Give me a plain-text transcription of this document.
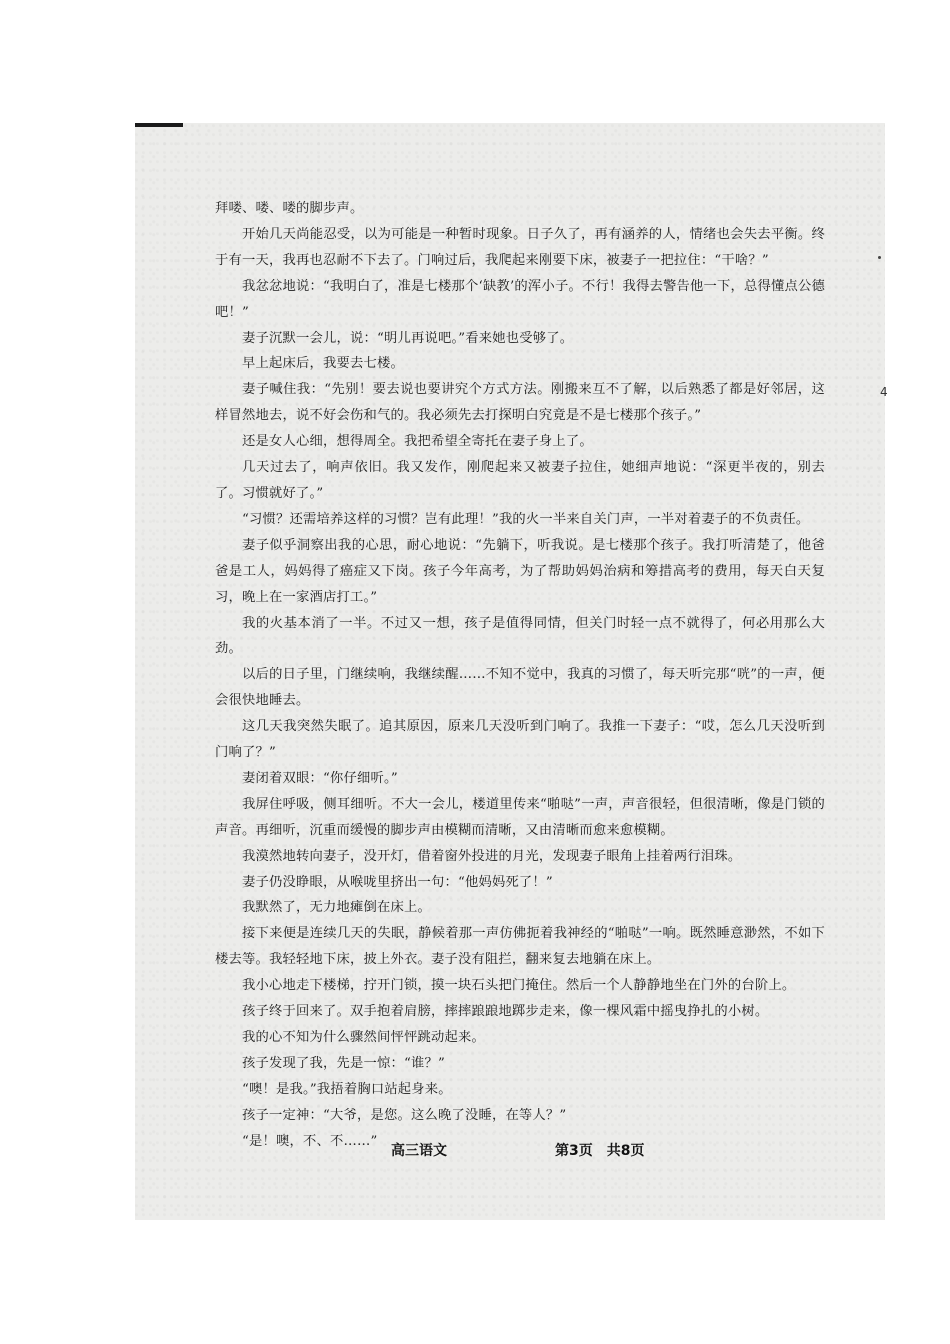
4

拜喽、喽、喽的脚步声。

开始几天尚能忍受，以为可能是一种暂时现象。日子久了，再有涵养的人，情绪也会失去平衡。终于有一天，我再也忍耐不下去了。门响过后，我爬起来刚要下床，被妻子一把拉住：“干啥？”

我忿忿地说：“我明白了，准是七楼那个‘缺教’的浑小子。不行！我得去警告他一下，总得懂点公德吧！”

妻子沉默一会儿，说：“明儿再说吧。”看来她也受够了。

早上起床后，我要去七楼。

妻子喊住我：“先别！要去说也要讲究个方式方法。刚搬来互不了解，以后熟悉了都是好邻居，这样冒然地去，说不好会伤和气的。我必须先去打探明白究竟是不是七楼那个孩子。”

还是女人心细，想得周全。我把希望全寄托在妻子身上了。

几天过去了，响声依旧。我又发作，刚爬起来又被妻子拉住，她细声地说：“深更半夜的，别去了。习惯就好了。”

“习惯？还需培养这样的习惯？岂有此理！”我的火一半来自关门声，一半对着妻子的不负责任。

妻子似乎洞察出我的心思，耐心地说：“先躺下，听我说。是七楼那个孩子。我打听清楚了，他爸爸是工人，妈妈得了癌症又下岗。孩子今年高考，为了帮助妈妈治病和筹措高考的费用，每天白天复习，晚上在一家酒店打工。”

我的火基本消了一半。不过又一想，孩子是值得同情，但关门时轻一点不就得了，何必用那么大劲。

以后的日子里，门继续响，我继续醒……不知不觉中，我真的习惯了，每天听完那“咣”的一声，便会很快地睡去。

这几天我突然失眠了。追其原因，原来几天没听到门响了。我推一下妻子：“哎，怎么几天没听到门响了？”

妻闭着双眼：“你仔细听。”

我屏住呼吸，侧耳细听。不大一会儿，楼道里传来“啪哒”一声，声音很轻，但很清晰，像是门锁的声音。再细听，沉重而缓慢的脚步声由模糊而清晰，又由清晰而愈来愈模糊。

我漠然地转向妻子，没开灯，借着窗外投进的月光，发现妻子眼角上挂着两行泪珠。

妻子仍没睁眼，从喉咙里挤出一句：“他妈妈死了！”

我默然了，无力地瘫倒在床上。

接下来便是连续几天的失眠，静候着那一声仿佛扼着我神经的“啪哒”一响。既然睡意渺然，不如下楼去等。我轻轻地下床，披上外衣。妻子没有阻拦，翻来复去地躺在床上。

我小心地走下楼梯，拧开门锁，摸一块石头把门掩住。然后一个人静静地坐在门外的台阶上。

孩子终于回来了。双手抱着肩膀，摔摔踉踉地踯步走来，像一棵风霜中摇曳挣扎的小树。

我的心不知为什么骤然间怦怦跳动起来。

孩子发现了我，先是一惊：“谁？”

“噢！是我。”我捂着胸口站起身来。

孩子一定神：“大爷，是您。这么晚了没睡，在等人？”

“是！噢，不、不……”

高三语文	第3页　共8页
